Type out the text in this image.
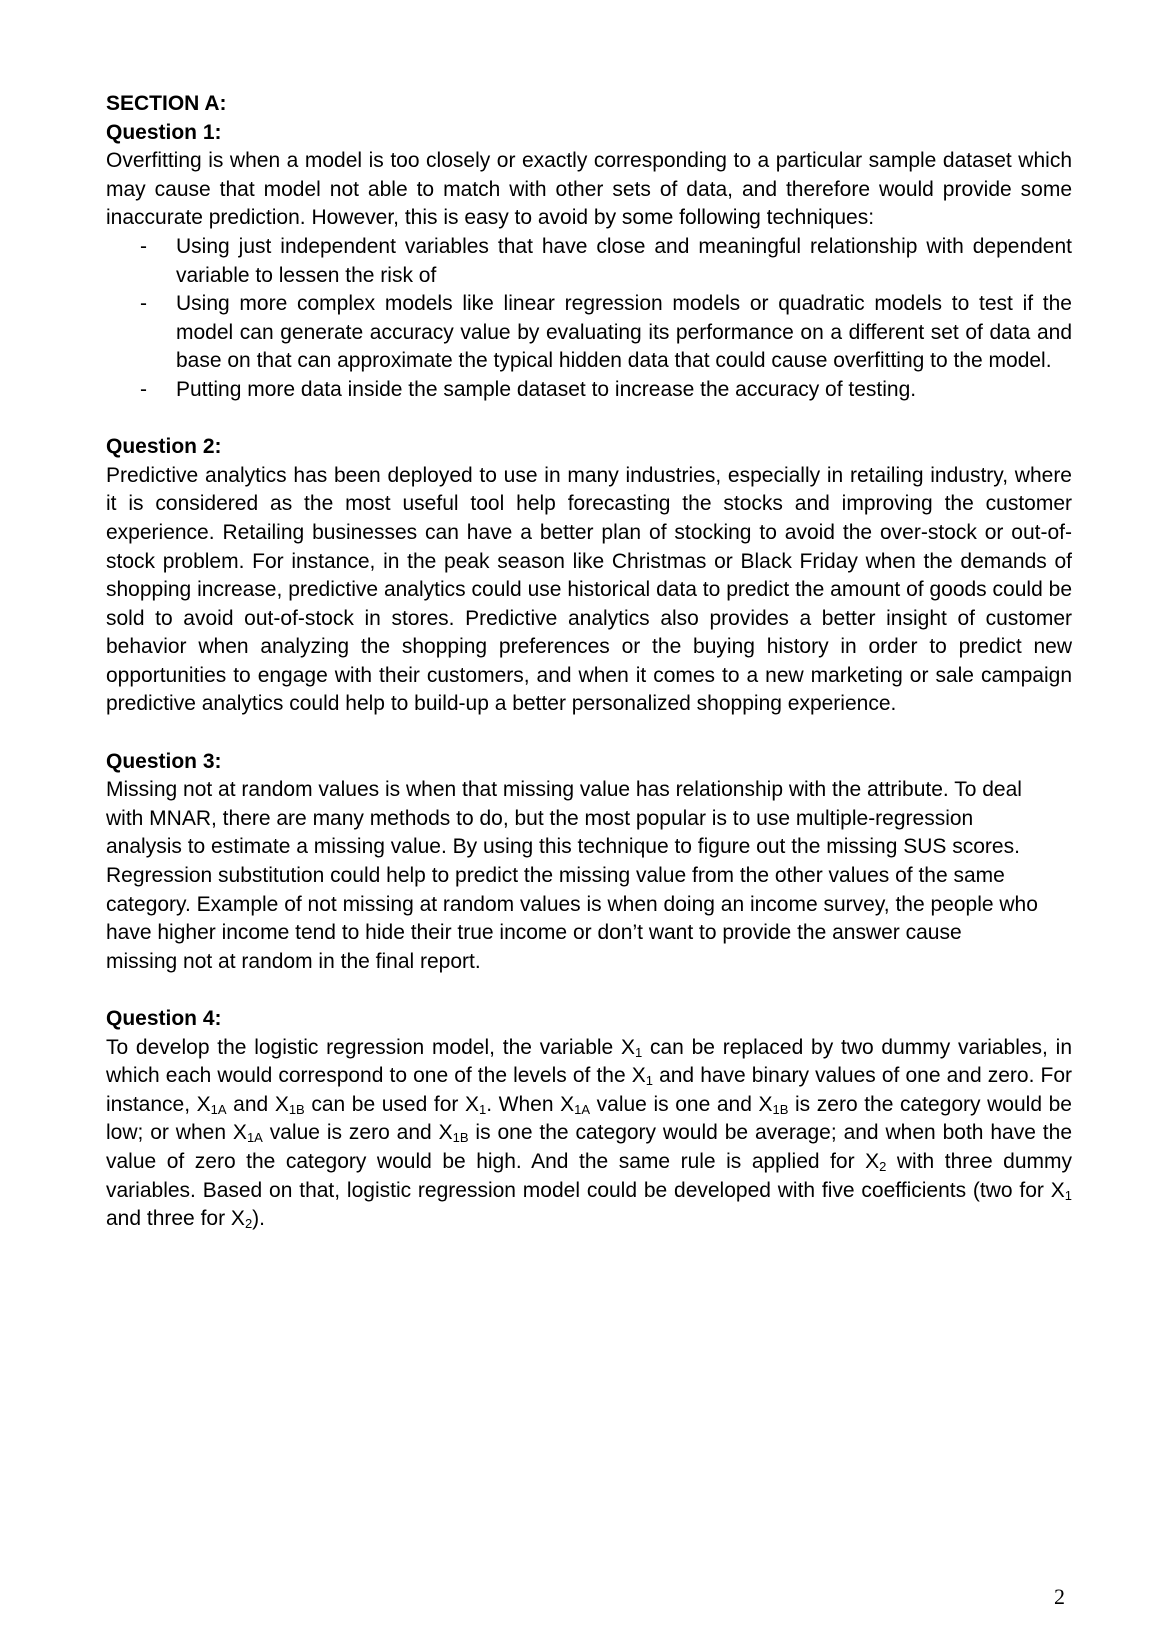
SECTION A:

Question 1:

Overfitting is when a model is too closely or exactly corresponding to a particular sample dataset which may cause that model not able to match with other sets of data, and therefore would provide some inaccurate prediction. However, this is easy to avoid by some following techniques:

- Using just independent variables that have close and meaningful relationship with dependent variable to lessen the risk of
- Using more complex models like linear regression models or quadratic models to test if the model can generate accuracy value by evaluating its performance on a different set of data and base on that can approximate the typical hidden data that could cause overfitting to the model.
- Putting more data inside the sample dataset to increase the accuracy of testing.

Question 2:

Predictive analytics has been deployed to use in many industries, especially in retailing industry, where it is considered as the most useful tool help forecasting the stocks and improving the customer experience. Retailing businesses can have a better plan of stocking to avoid the over-stock or out-of-stock problem. For instance, in the peak season like Christmas or Black Friday when the demands of shopping increase, predictive analytics could use historical data to predict the amount of goods could be sold to avoid out-of-stock in stores. Predictive analytics also provides a better insight of customer behavior when analyzing the shopping preferences or the buying history in order to predict new opportunities to engage with their customers, and when it comes to a new marketing or sale campaign predictive analytics could help to build-up a better personalized shopping experience.

Question 3:

Missing not at random values is when that missing value has relationship with the attribute. To deal
with MNAR, there are many methods to do, but the most popular is to use multiple-regression
analysis to estimate a missing value. By using this technique to figure out the missing SUS scores.
Regression substitution could help to predict the missing value from the other values of the same
category. Example of not missing at random values is when doing an income survey, the people who
have higher income tend to hide their true income or don’t want to provide the answer cause
missing not at random in the final report.

Question 4:

To develop the logistic regression model, the variable $X_1$ can be replaced by two dummy variables, in which each would correspond to one of the levels of the $X_1$ and have binary values of one and zero. For instance, $X_{1A}$ and $X_{1B}$ can be used for $X_1$. When $X_{1A}$ value is one and $X_{1B}$ is zero the category would be low; or when $X_{1A}$ value is zero and $X_{1B}$ is one the category would be average; and when both have the value of zero the category would be high. And the same rule is applied for $X_2$ with three dummy variables. Based on that, logistic regression model could be developed with five coefficients (two for $X_1$ and three for $X_2$).

2
